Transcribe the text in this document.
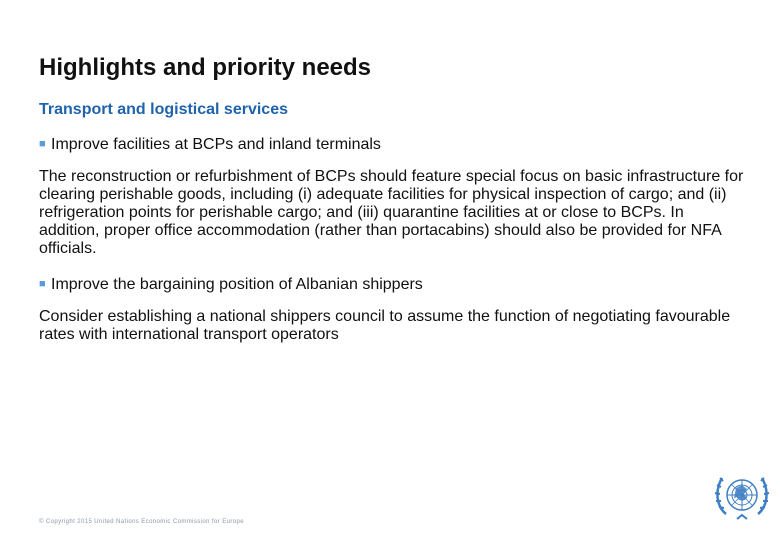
Highlights and priority needs
Transport and logistical services
■ Improve facilities at BCPs and inland terminals
The reconstruction or refurbishment of BCPs should feature special focus on basic infrastructure for clearing perishable goods, including (i) adequate facilities for physical inspection of cargo; and (ii) refrigeration points for perishable cargo; and (iii) quarantine facilities at or close to BCPs. In addition, proper office accommodation (rather than portacabins) should also be provided for NFA officials.
■ Improve the bargaining position of Albanian shippers
Consider establishing a national shippers council to assume the function of negotiating favourable rates with international transport operators
© Copyright 2015 United Nations Economic Commission for Europe
